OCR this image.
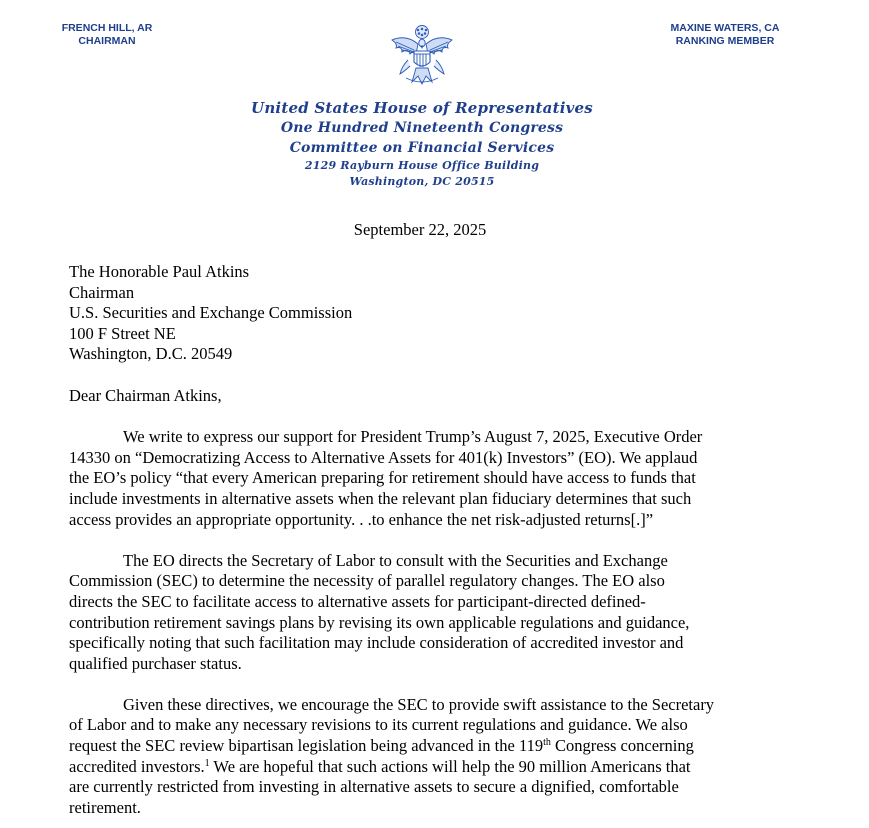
FRENCH HILL, AR
CHAIRMAN
MAXINE WATERS, CA
RANKING MEMBER
United States House of Representatives
One Hundred Nineteenth Congress
Committee on Financial Services
2129 Rayburn House Office Building
Washington, DC 20515
September 22, 2025
The Honorable Paul Atkins
Chairman
U.S. Securities and Exchange Commission
100 F Street NE
Washington, D.C. 20549
Dear Chairman Atkins,
We write to express our support for President Trump’s August 7, 2025, Executive Order
14330 on “Democratizing Access to Alternative Assets for 401(k) Investors” (EO). We applaud
the EO’s policy “that every American preparing for retirement should have access to funds that
include investments in alternative assets when the relevant plan fiduciary determines that such
access provides an appropriate opportunity. . .to enhance the net risk-adjusted returns[.]”
The EO directs the Secretary of Labor to consult with the Securities and Exchange
Commission (SEC) to determine the necessity of parallel regulatory changes. The EO also
directs the SEC to facilitate access to alternative assets for participant-directed defined-
contribution retirement savings plans by revising its own applicable regulations and guidance,
specifically noting that such facilitation may include consideration of accredited investor and
qualified purchaser status.
Given these directives, we encourage the SEC to provide swift assistance to the Secretary
of Labor and to make any necessary revisions to its current regulations and guidance. We also
request the SEC review bipartisan legislation being advanced in the 119th Congress concerning
accredited investors.$^1$ We are hopeful that such actions will help the 90 million Americans that
are currently restricted from investing in alternative assets to secure a dignified, comfortable
retirement.
